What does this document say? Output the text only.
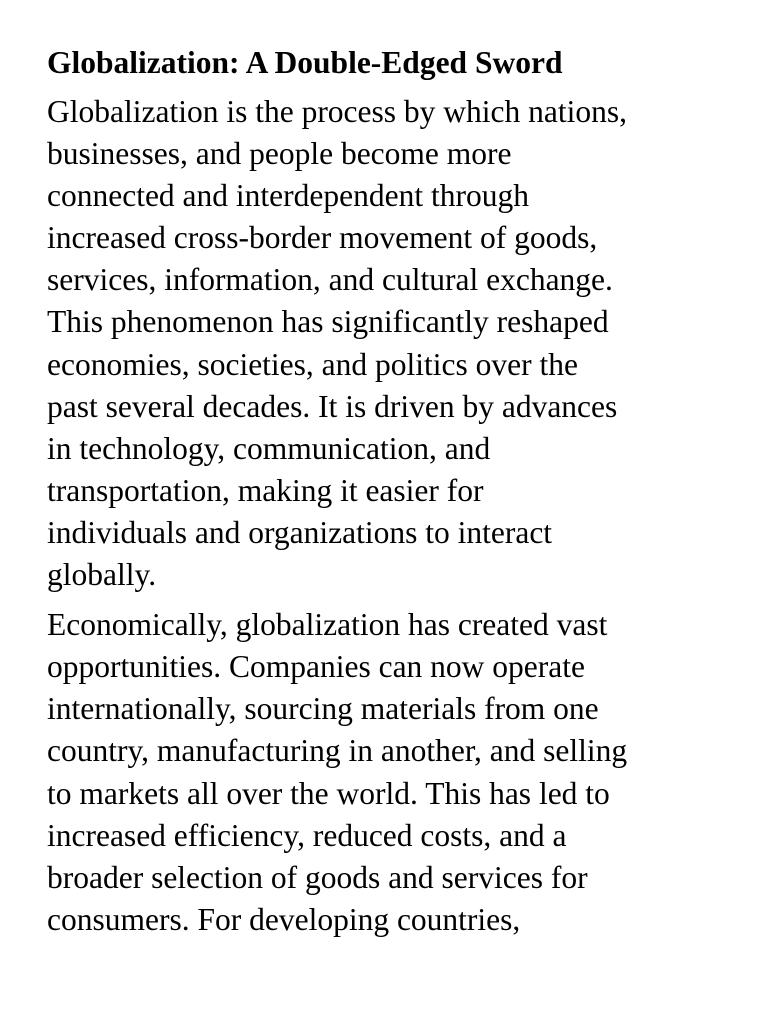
Globalization: A Double-Edged Sword

Globalization is the process by which nations,
businesses, and people become more
connected and interdependent through
increased cross-border movement of goods,
services, information, and cultural exchange.
This phenomenon has significantly reshaped
economies, societies, and politics over the
past several decades. It is driven by advances
in technology, communication, and
transportation, making it easier for
individuals and organizations to interact
globally.

Economically, globalization has created vast
opportunities. Companies can now operate
internationally, sourcing materials from one
country, manufacturing in another, and selling
to markets all over the world. This has led to
increased efficiency, reduced costs, and a
broader selection of goods and services for
consumers. For developing countries,
